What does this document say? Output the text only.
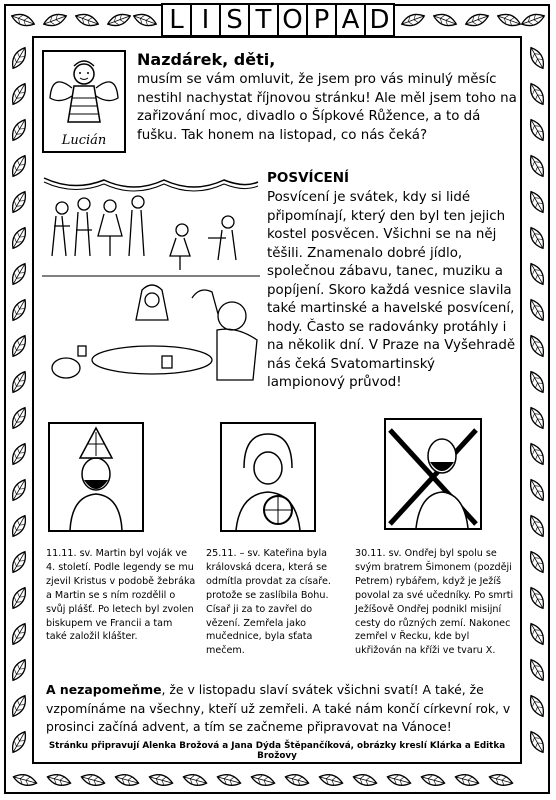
L I S T O P A D
Lucián
Nazdárek, děti,
musím se vám omluvit, že jsem pro vás minulý měsíc nestihl nachystat říjnovou stránku! Ale měl jsem toho na zařizování moc, divadlo o Šípkové Růžence, a to dá fušku. Tak honem na listopad, co nás čeká?
POSVÍCENÍ
Posvícení je svátek, kdy si lidé připomínají, který den byl ten jejich kostel posvěcen. Všichni se na něj těšili. Znamenalo dobré jídlo, společnou zábavu, tanec, muziku a popíjení. Skoro každá vesnice slavila také martinské a havelské posvícení, hody. Často se radovánky protáhly i na několik dní. V Praze na Vyšehradě nás čeká Svatomartinský lampionový průvod!
11.11. sv. Martin byl voják ve 4. století. Podle legendy se mu zjevil Kristus v podobě žebráka a Martin se s ním rozdělil o svůj plášť. Po letech byl zvolen biskupem ve Francii a tam také založil klášter.
25.11. – sv. Kateřina byla královská dcera, která se odmítla provdat za císaře. protože se zaslíbila Bohu. Císař ji za to zavřel do vězení. Zemřela jako mučednice, byla sťata mečem.
30.11. sv. Ondřej byl spolu se svým bratrem Šimonem (později Petrem) rybářem, když je Ježíš povolal za své učedníky. Po smrti Ježíšově Ondřej podnikl misijní cesty do různých zemí. Nakonec zemřel v Řecku, kde byl ukřižován na kříži ve tvaru X.
A nezapomeňme, že v listopadu slaví svátek všichni svatí! A také, že vzpomínáme na všechny, kteří už zemřeli. A také nám končí církevní rok, v prosinci začíná advent, a tím se začneme připravovat na Vánoce!
Stránku připravují Alenka Brožová a Jana Dýda Štěpančíková, obrázky kreslí Klárka a Editka Brožovy
